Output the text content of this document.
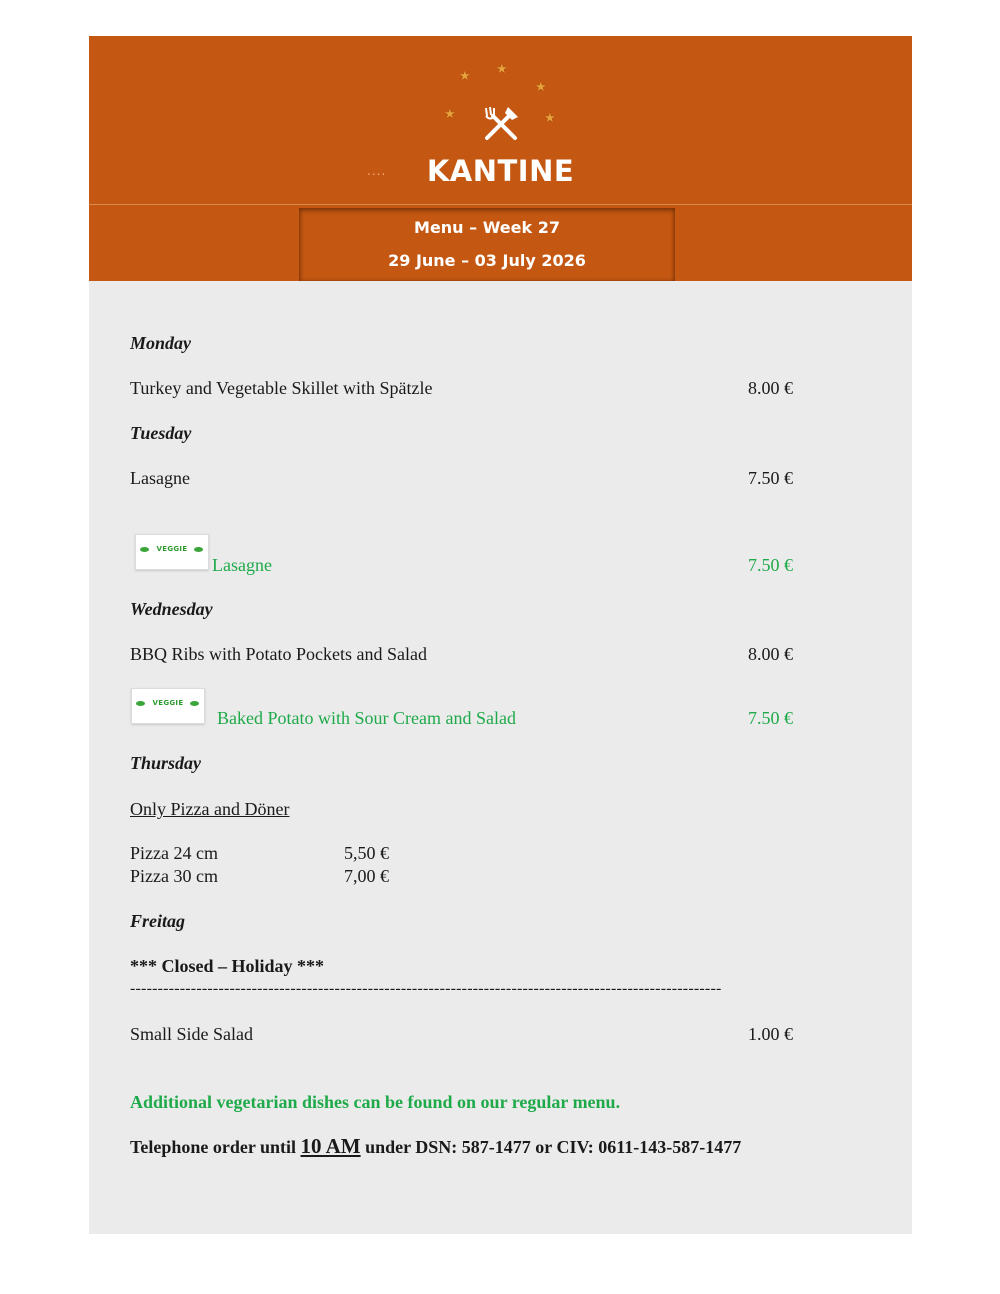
★ ★
★
★	★
....	KANTINE
Menu – Week 27
29 June – 03 July 2026
Monday
Turkey and Vegetable Skillet with Spätzle	8.00 €
Tuesday
Lasagne	7.50 €
VEGGIE
Lasagne	7.50 €
Wednesday
BBQ Ribs with Potato Pockets and Salad	8.00 €
VEGGIE
Baked Potato with Sour Cream and Salad	7.50 €
Thursday
Only Pizza and Döner
Pizza 24 cm	5,50 €
Pizza 30 cm	7,00 €
Freitag
*** Closed – Holiday ***
-----------------------------------------------------------------------------------------------------------
Small Side Salad	1.00 €
Additional vegetarian dishes can be found on our regular menu.
Telephone order until 10 AM under DSN: 587-1477 or CIV: 0611-143-587-1477
